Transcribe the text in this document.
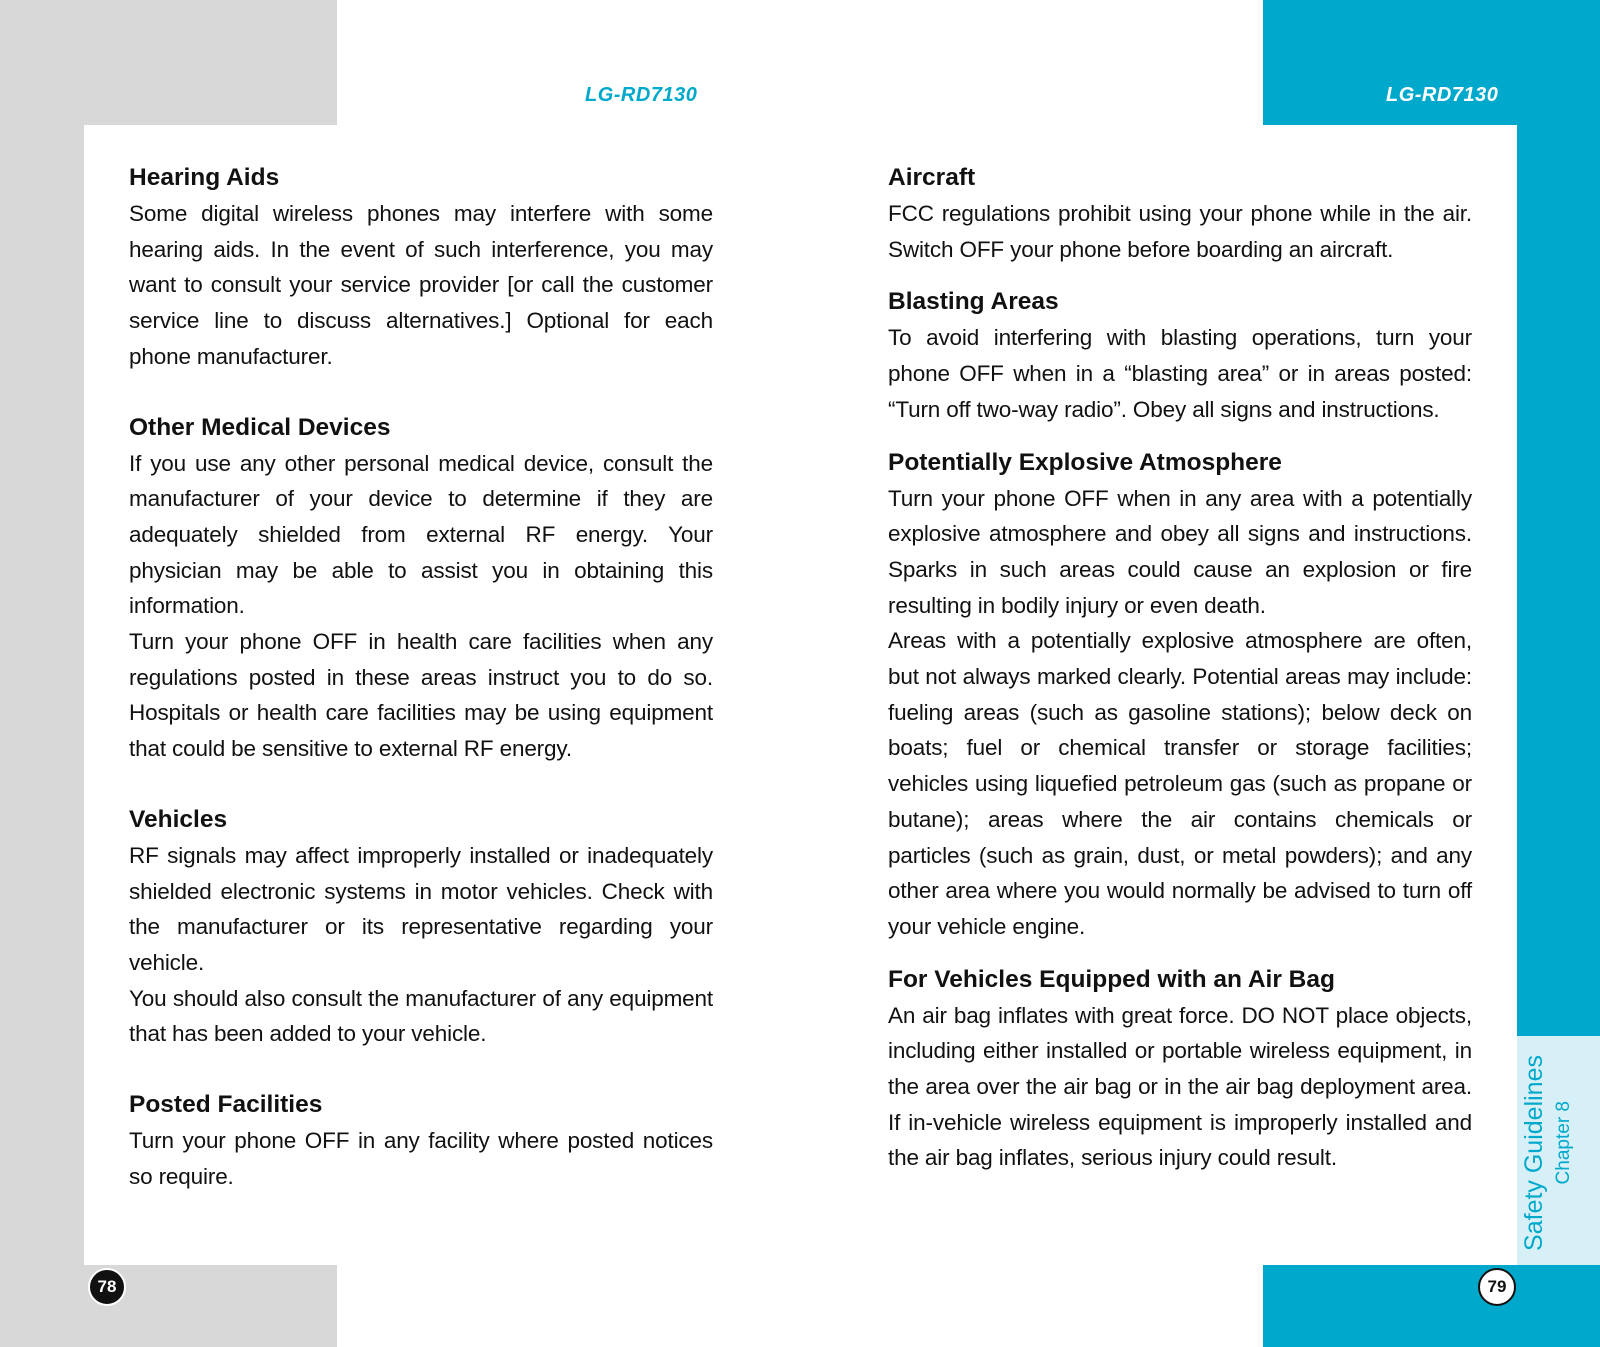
LG-RD7130	LG-RD7130

Hearing Aids

Some digital wireless phones may interfere with some hearing aids. In the event of such interference, you may want to consult your service provider [or call the customer service line to discuss alternatives.] Optional for each phone manufacturer.

Other Medical Devices

If you use any other personal medical device, consult the manufacturer of your device to determine if they are adequately shielded from external RF energy. Your physician may be able to assist you in obtaining this information.

Turn your phone OFF in health care facilities when any regulations posted in these areas instruct you to do so. Hospitals or health care facilities may be using equipment that could be sensitive to external RF energy.

Vehicles

RF signals may affect improperly installed or inadequately shielded electronic systems in motor vehicles. Check with the manufacturer or its representative regarding your vehicle.

You should also consult the manufacturer of any equipment that has been added to your vehicle.

Posted Facilities

Turn your phone OFF in any facility where posted notices so require.

Aircraft

FCC regulations prohibit using your phone while in the air. Switch OFF your phone before boarding an aircraft.

Blasting Areas

To avoid interfering with blasting operations, turn your phone OFF when in a “blasting area” or in areas posted: “Turn off two-way radio”. Obey all signs and instructions.

Potentially Explosive Atmosphere

Turn your phone OFF when in any area with a potentially explosive atmosphere and obey all signs and instructions. Sparks in such areas could cause an explosion or fire resulting in bodily injury or even death.

Areas with a potentially explosive atmosphere are often, but not always marked clearly. Potential areas may include: fueling areas (such as gasoline stations); below deck on boats; fuel or chemical transfer or storage facilities; vehicles using liquefied petroleum gas (such as propane or butane); areas where the air contains chemicals or particles (such as grain, dust, or metal powders); and any other area where you would normally be advised to turn off your vehicle engine.

For Vehicles Equipped with an Air Bag

An air bag inflates with great force. DO NOT place objects, including either installed or portable wireless equipment, in the area over the air bag or in the air bag deployment area. If in-vehicle wireless equipment is improperly installed and the air bag inflates, serious injury could result.	Safety Guidelines Chapter 8
78	79
